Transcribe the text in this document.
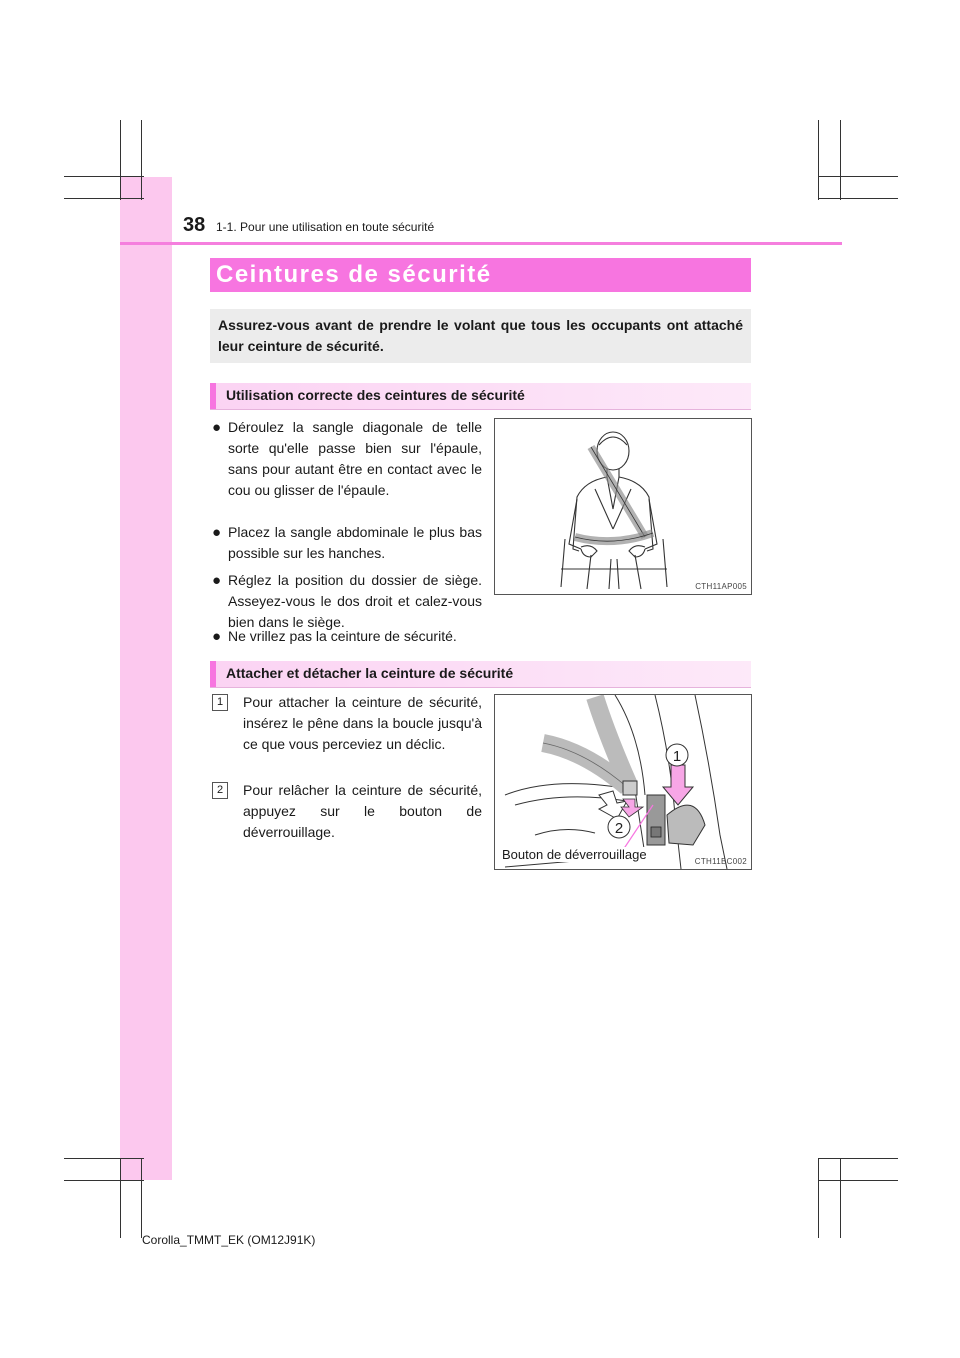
38 1-1. Pour une utilisation en toute sécurité
Ceintures de sécurité
Assurez-vous avant de prendre le volant que tous les occupants ont attaché leur ceinture de sécurité.
Utilisation correcte des ceintures de sécurité
● Déroulez la sangle diagonale de telle sorte qu'elle passe bien sur l'épaule, sans pour autant être en contact avec le cou ou glisser de l'épaule.
● Placez la sangle abdominale le plus bas possible sur les hanches.
● Réglez la position du dossier de siège. Asseyez-vous le dos droit et calez-vous bien dans le siège.
● Ne vrillez pas la ceinture de sécurité.
CTH11AP005
Attacher et détacher la ceinture de sécurité
1	Pour attacher la ceinture de sécurité, insérez le pêne dans la boucle jusqu'à ce que vous perceviez un déclic.
2	Pour relâcher la ceinture de sécurité, appuyez sur le bouton de déverrouillage.
1
2
Bouton de déverrouillage	CTH11BC002
Corolla_TMMT_EK (OM12J91K)
